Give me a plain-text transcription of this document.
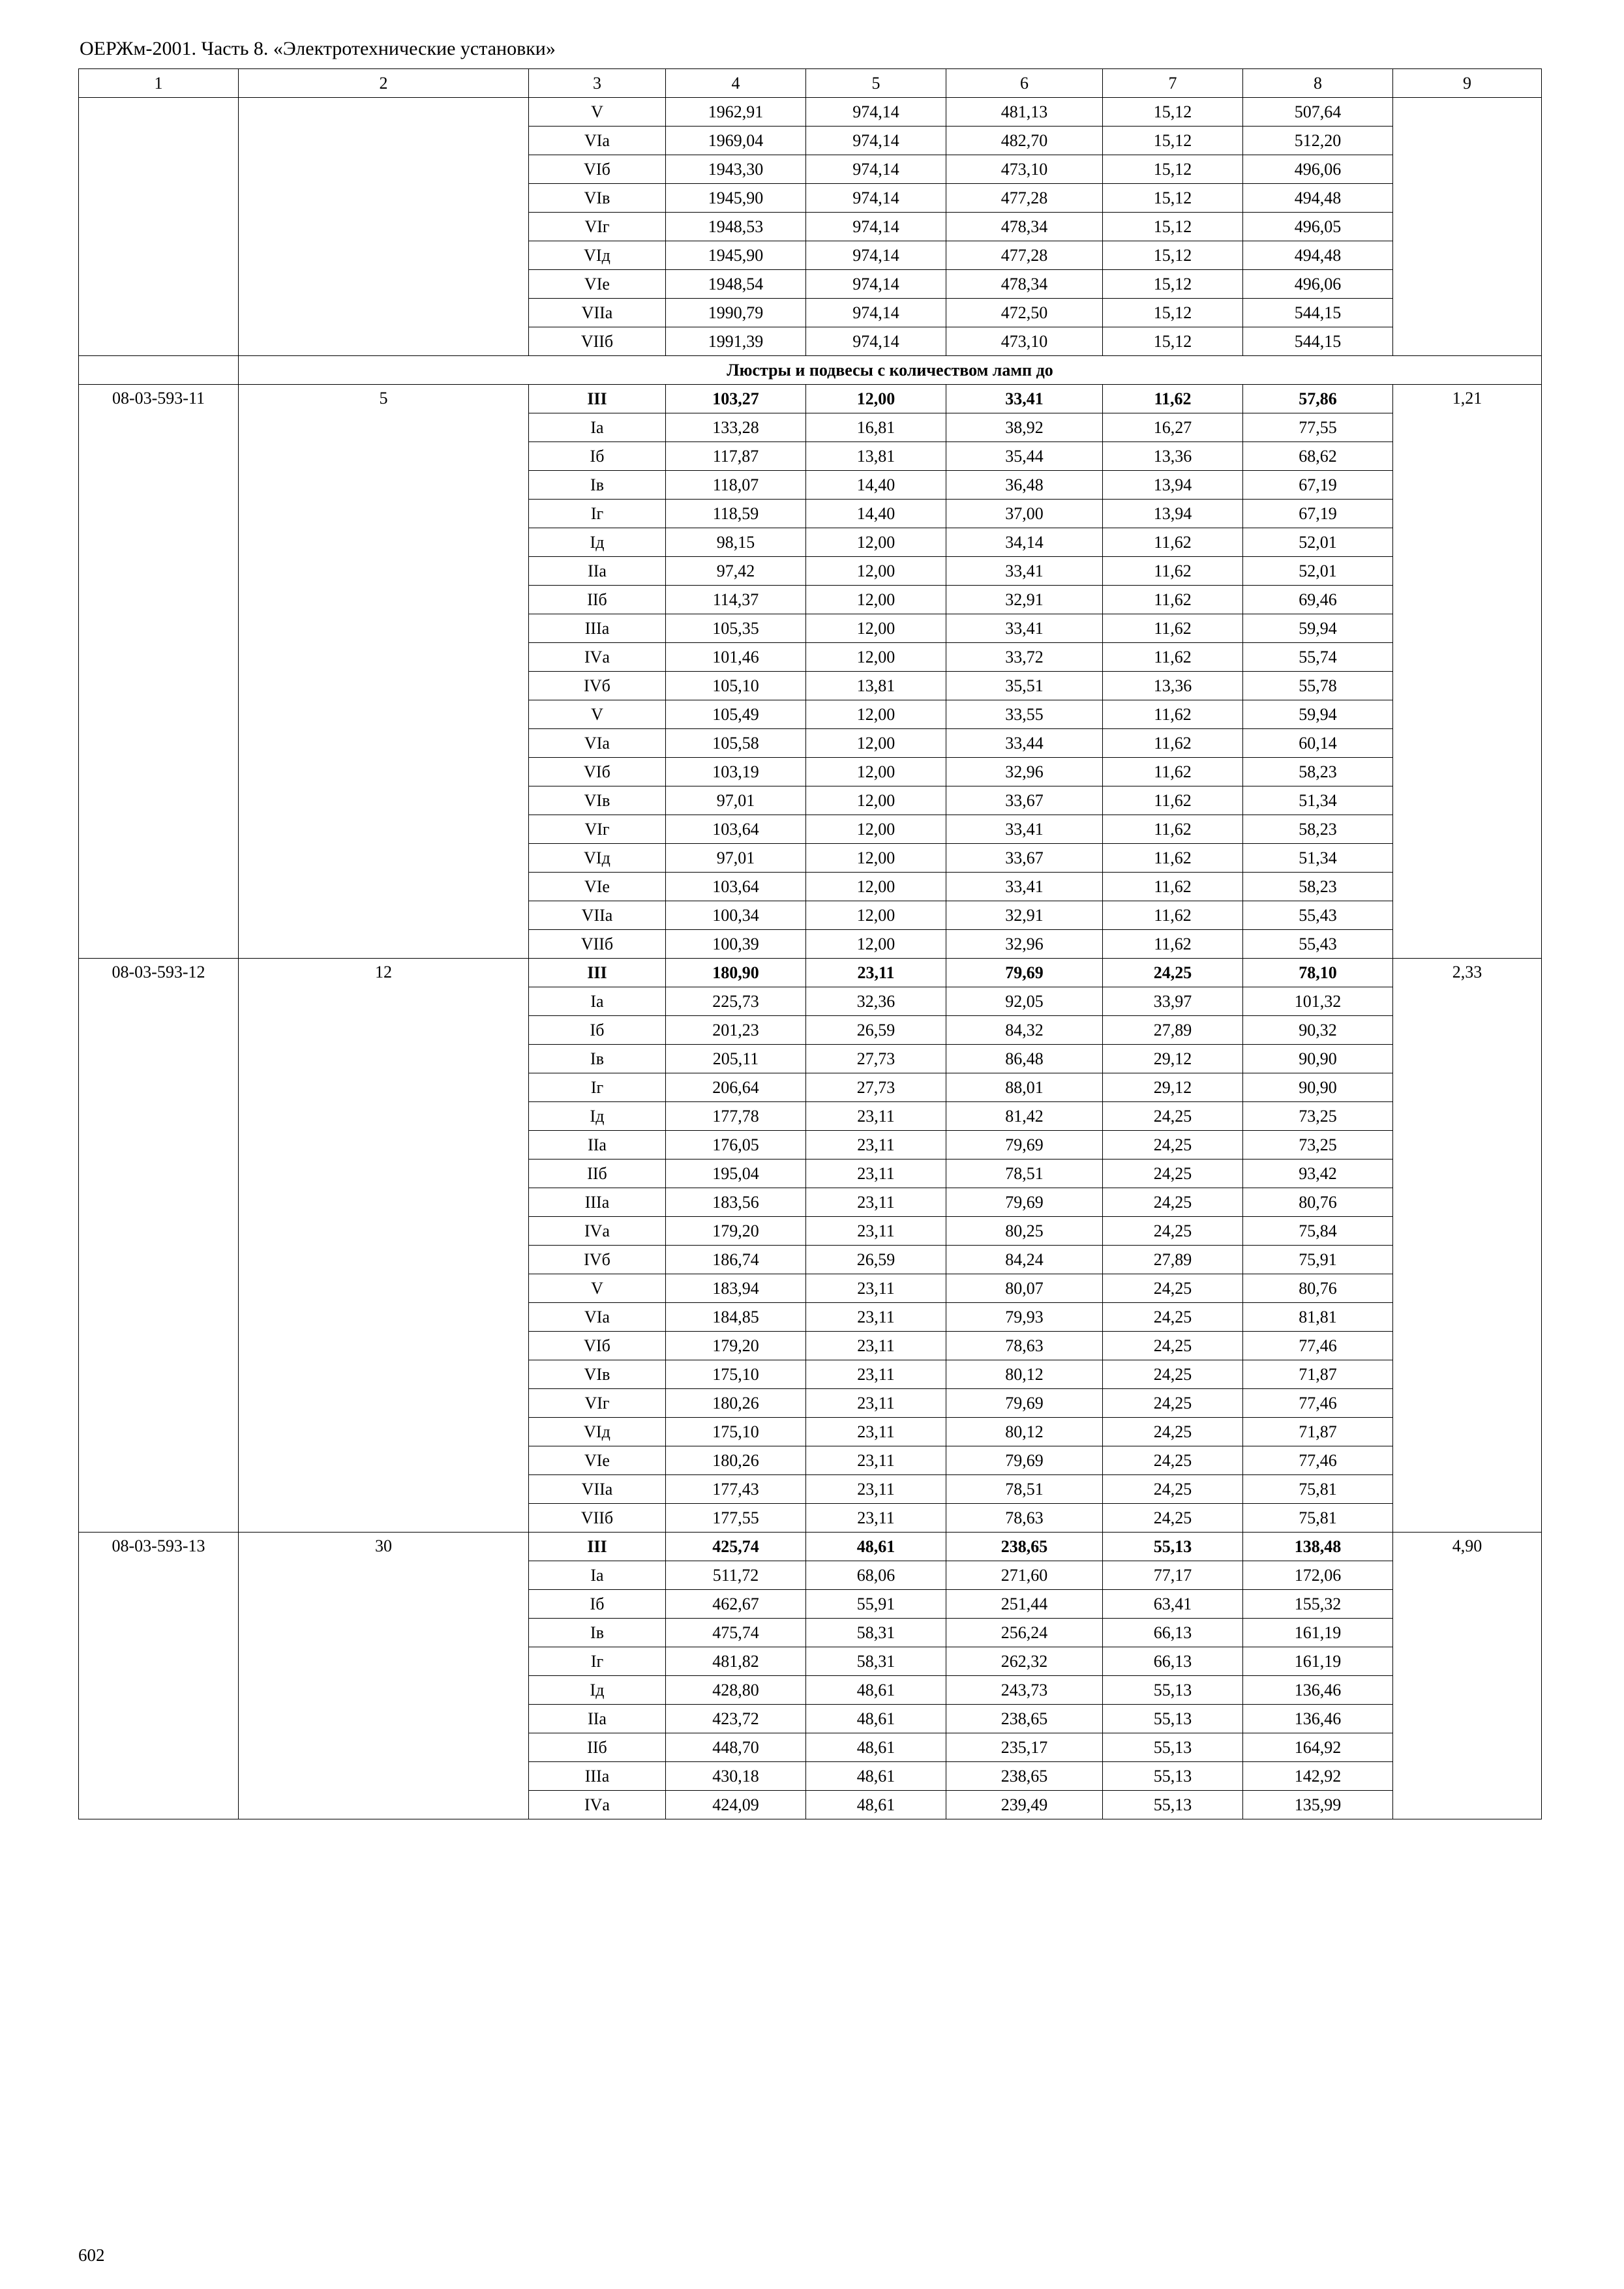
ОЕРЖм-2001. Часть 8. «Электротехнические установки»
1	2	3	4	5	6	7	8	9
		V	1962,91	974,14	481,13	15,12	507,64	
		VIа	1969,04	974,14	482,70	15,12	512,20	
		VIб	1943,30	974,14	473,10	15,12	496,06	
		VIв	1945,90	974,14	477,28	15,12	494,48	
		VIг	1948,53	974,14	478,34	15,12	496,05	
		VIд	1945,90	974,14	477,28	15,12	494,48	
		VIе	1948,54	974,14	478,34	15,12	496,06	
		VIIа	1990,79	974,14	472,50	15,12	544,15	
		VIIб	1991,39	974,14	473,10	15,12	544,15	
	Люстры и подвесы с количеством ламп до							
08-03-593-11	5	III	103,27	12,00	33,41	11,62	57,86	1,21
		Iа	133,28	16,81	38,92	16,27	77,55	
		Iб	117,87	13,81	35,44	13,36	68,62	
		Iв	118,07	14,40	36,48	13,94	67,19	
		Iг	118,59	14,40	37,00	13,94	67,19	
		Iд	98,15	12,00	34,14	11,62	52,01	
		IIа	97,42	12,00	33,41	11,62	52,01	
		IIб	114,37	12,00	32,91	11,62	69,46	
		IIIа	105,35	12,00	33,41	11,62	59,94	
		IVа	101,46	12,00	33,72	11,62	55,74	
		IVб	105,10	13,81	35,51	13,36	55,78	
		V	105,49	12,00	33,55	11,62	59,94	
		VIа	105,58	12,00	33,44	11,62	60,14	
		VIб	103,19	12,00	32,96	11,62	58,23	
		VIв	97,01	12,00	33,67	11,62	51,34	
		VIг	103,64	12,00	33,41	11,62	58,23	
		VIд	97,01	12,00	33,67	11,62	51,34	
		VIе	103,64	12,00	33,41	11,62	58,23	
		VIIа	100,34	12,00	32,91	11,62	55,43	
		VIIб	100,39	12,00	32,96	11,62	55,43	
08-03-593-12	12	III	180,90	23,11	79,69	24,25	78,10	2,33
		Iа	225,73	32,36	92,05	33,97	101,32	
		Iб	201,23	26,59	84,32	27,89	90,32	
		Iв	205,11	27,73	86,48	29,12	90,90	
		Iг	206,64	27,73	88,01	29,12	90,90	
		Iд	177,78	23,11	81,42	24,25	73,25	
		IIа	176,05	23,11	79,69	24,25	73,25	
		IIб	195,04	23,11	78,51	24,25	93,42	
		IIIа	183,56	23,11	79,69	24,25	80,76	
		IVа	179,20	23,11	80,25	24,25	75,84	
		IVб	186,74	26,59	84,24	27,89	75,91	
		V	183,94	23,11	80,07	24,25	80,76	
		VIа	184,85	23,11	79,93	24,25	81,81	
		VIб	179,20	23,11	78,63	24,25	77,46	
		VIв	175,10	23,11	80,12	24,25	71,87	
		VIг	180,26	23,11	79,69	24,25	77,46	
		VIд	175,10	23,11	80,12	24,25	71,87	
		VIе	180,26	23,11	79,69	24,25	77,46	
		VIIа	177,43	23,11	78,51	24,25	75,81	
		VIIб	177,55	23,11	78,63	24,25	75,81	
08-03-593-13	30	III	425,74	48,61	238,65	55,13	138,48	4,90
		Iа	511,72	68,06	271,60	77,17	172,06	
		Iб	462,67	55,91	251,44	63,41	155,32	
		Iв	475,74	58,31	256,24	66,13	161,19	
		Iг	481,82	58,31	262,32	66,13	161,19	
		Iд	428,80	48,61	243,73	55,13	136,46	
		IIа	423,72	48,61	238,65	55,13	136,46	
		IIб	448,70	48,61	235,17	55,13	164,92	
		IIIа	430,18	48,61	238,65	55,13	142,92	
		IVа	424,09	48,61	239,49	55,13	135,99	
602
